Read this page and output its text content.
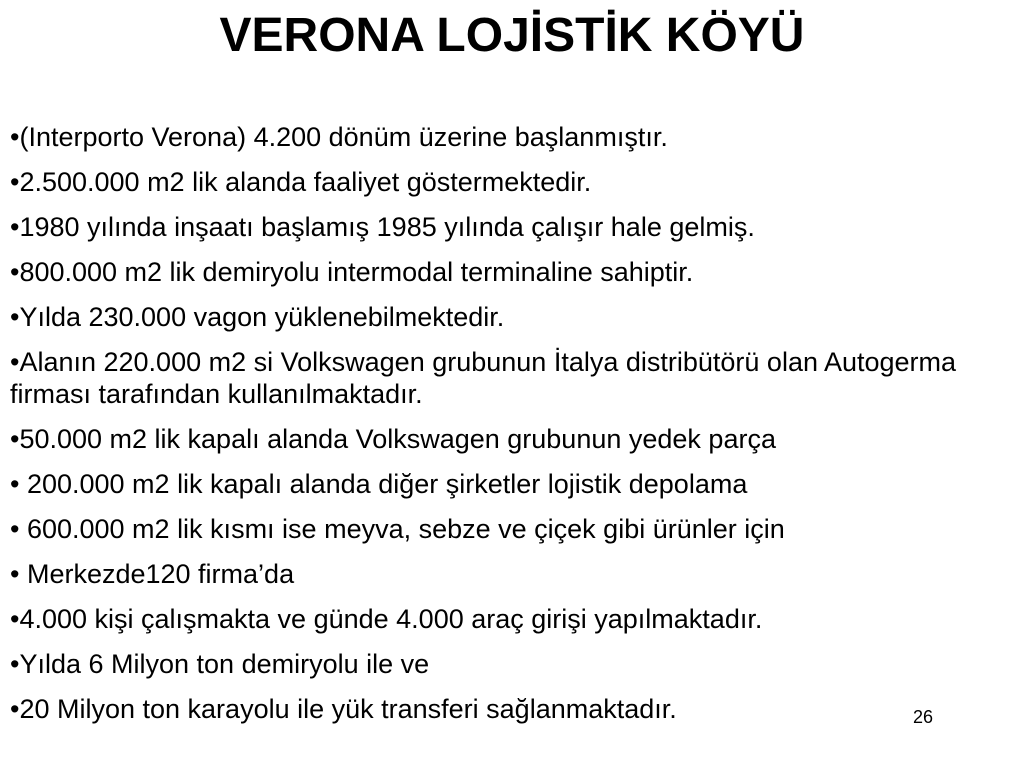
VERONA LOJİSTİK KÖYÜ
•(Interporto Verona) 4.200 dönüm üzerine başlanmıştır.
•2.500.000 m2 lik alanda faaliyet göstermektedir.
•1980 yılında inşaatı başlamış 1985 yılında çalışır hale gelmiş.
•800.000 m2 lik demiryolu intermodal terminaline sahiptir.
•Yılda 230.000 vagon yüklenebilmektedir.
•Alanın 220.000 m2 si Volkswagen grubunun İtalya distribütörü olan Autogerma firması tarafından kullanılmaktadır.
•50.000 m2 lik kapalı alanda Volkswagen grubunun yedek parça
• 200.000 m2 lik kapalı alanda diğer şirketler lojistik depolama
• 600.000 m2 lik kısmı ise meyva, sebze ve çiçek gibi ürünler için
• Merkezde120 firma’da
•4.000 kişi çalışmakta ve günde 4.000 araç girişi yapılmaktadır.
•Yılda 6 Milyon ton demiryolu ile ve
•20 Milyon ton karayolu ile yük transferi sağlanmaktadır.	26
